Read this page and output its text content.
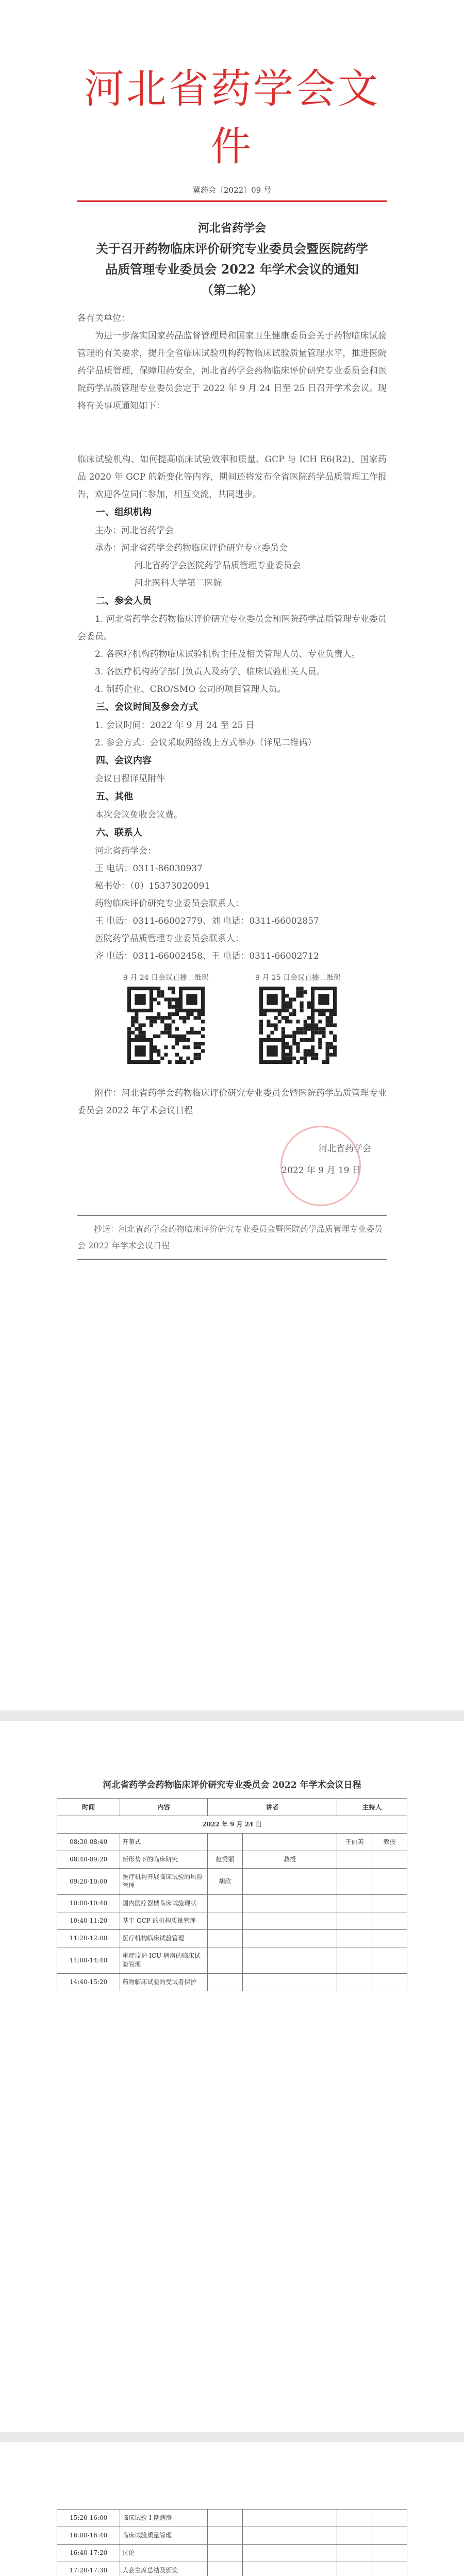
河北省药学会文件
冀药会〔2022〕09 号
河北省药学会
关于召开药物临床评价研究专业委员会暨医院药学
品质管理专业委员会 2022 年学术会议的通知
（第二轮）

各有关单位：

为进一步落实国家药品监督管理局和国家卫生健康委员会关于药物临床试验管理的有关要求，提升全省临床试验机构药物临床试验质量管理水平，推进医院药学品质管理，保障用药安全，河北省药学会药物临床评价研究专业委员会和医院药学品质管理专业委员会定于 2022 年 9 月 24 日至 25 日召开学术会议。现将有关事项通知如下：

临床试验机构、如何提高临床试验效率和质量、GCP 与 ICH E6(R2)、国家药品 2020 年 GCP 的新变化等内容，期间还将发布全省医院药学品质管理工作报告，欢迎各位同仁参加，相互交流，共同进步。

一、组织机构

主办：河北省药学会

承办：河北省药学会药物临床评价研究专业委员会

河北省药学会医院药学品质管理专业委员会

河北医科大学第二医院

二、参会人员

1. 河北省药学会药物临床评价研究专业委员会和医院药学品质管理专业委员会委员。

2. 各医疗机构药物临床试验机构主任及相关管理人员、专业负责人。

3. 各医疗机构药学部门负责人及药学、临床试验相关人员。

4. 制药企业、CRO/SMO 公司的项目管理人员。

三、会议时间及参会方式

1. 会议时间：2022 年 9 月 24 至 25 日

2. 参会方式：会议采取网络线上方式举办（详见二维码）

四、会议内容

会议日程详见附件

五、其他

本次会议免收会议费。

六、联系人

河北省药学会：

王 电话：0311-86030937

秘书处：（0）15373020091

药物临床评价研究专业委员会联系人：

王 电话：0311-66002779、刘 电话：0311-66002857

医院药学品质管理专业委员会联系人：

齐 电话：0311-66002458、王 电话：0311-66002712

9 月 24 日会议直播二维码	9 月 25 日会议直播二维码

附件：河北省药学会药物临床评价研究专业委员会暨医院药学品质管理专业委员会 2022 年学术会议日程

河北省药学会
2022 年 9 月 19 日

抄送：河北省药学会药物临床评价研究专业委员会暨医院药学品质管理专业委员会 2022 年学术会议日程

河北省药学会药物临床评价研究专业委员会 2022 年学术会议日程

时间	内容	讲者		主持人	
2022 年 9 月 24 日					
08:30-08:40	开幕式			王丽英	教授
08:40-09:20	新形势下的临床研究	赵秀丽	教授		
09:20-10:00	医疗机构开展临床试验的风险管理	胡欣			
10:00-10:40	国内医疗器械临床试验现状				
10:40-11:20	基于 GCP 的机构质量管理				
11:20-12:00	医疗机构临床试验管理				
14:00-14:40	重症监护 ICU 病房的临床试验管理				
14:40-15:20	药物临床试验的受试者保护				
15:20-16:00	临床试验 I 期病房				
16:00-16:40	临床试验质量管理				
16:40-17:20	讨论				
17:20-17:30	大会主席总结及颁奖				
